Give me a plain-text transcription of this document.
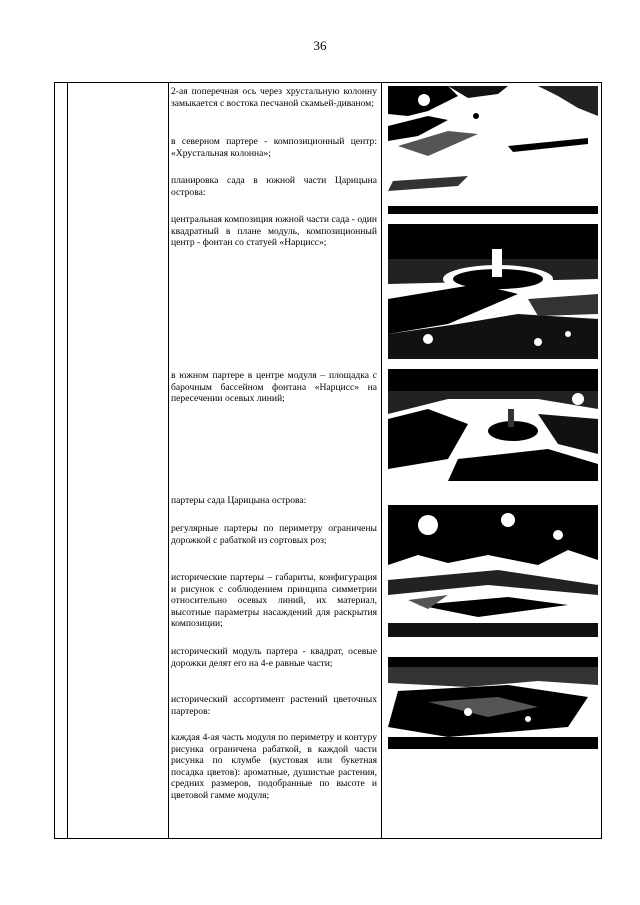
36

2-ая поперечная ось через хрустальную колонну замыкается с востока песчаной скамьей-диваном;

в северном партере - композиционный центр: «Хрустальная колонна»;

планировка сада в южной части Царицына острова:

центральная композиция южной части сада - один квадратный в плане модуль, композиционный центр - фонтан со статуей «Нарцисс»;

в южном партере в центре модуля – площадка с барочным бассейном фонтана «Нарцисс» на пересечении осевых линий;

партеры сада Царицына острова:

регулярные партеры по периметру ограничены дорожкой с рабаткой из сортовых роз;

исторические партеры – габариты, конфигурация и рисунок с соблюдением принципа симметрии относительно осевых линий, их материал, высотные параметры насаждений для раскрытия композиции;

исторический модуль партера - квадрат, осевые дорожки делят его на 4-е равные части;

исторический ассортимент растений цветочных партеров:

каждая 4-ая часть модуля по периметру и контуру рисунка ограничена рабаткой, в каждой части рисунка по клумбе (кустовая или букетная посадка цветов): ароматные, душистые растения, средних размеров, подобранные по высоте и цветовой гамме модуля;
